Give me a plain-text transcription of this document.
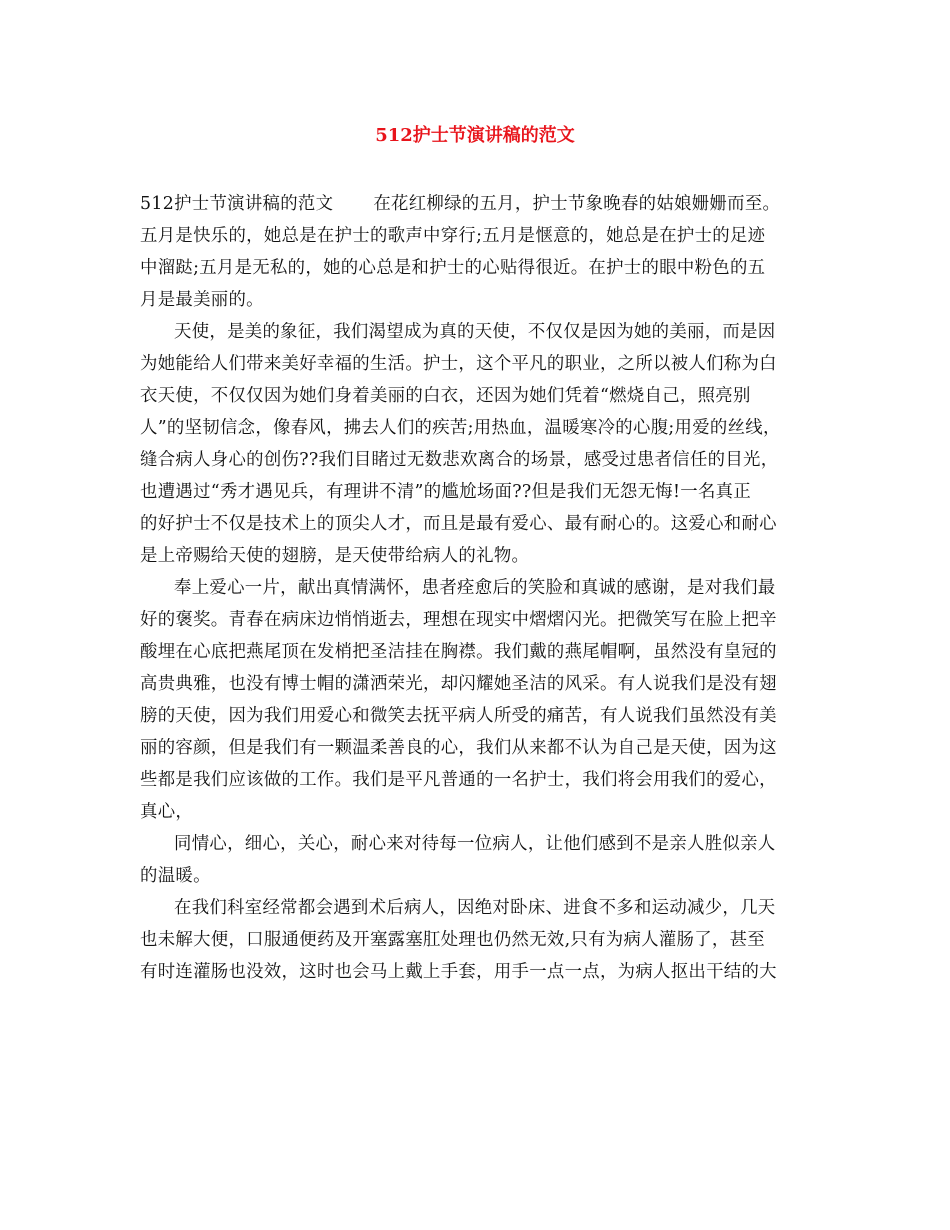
512护士节演讲稿的范文

512护士节演讲稿的范文 在花红柳绿的五月，护士节象晚春的姑娘姗姗而至。
五月是快乐的，她总是在护士的歌声中穿行;五月是惬意的，她总是在护士的足迹
中溜跶;五月是无私的，她的心总是和护士的心贴得很近。在护士的眼中粉色的五
月是最美丽的。

天使，是美的象征，我们渴望成为真的天使，不仅仅是因为她的美丽，而是因
为她能给人们带来美好幸福的生活。护士，这个平凡的职业，之所以被人们称为白
衣天使，不仅仅因为她们身着美丽的白衣，还因为她们凭着“燃烧自己，照亮别
人”的坚韧信念，像春风，拂去人们的疾苦;用热血，温暖寒冷的心腹;用爱的丝线，
缝合病人身心的创伤??我们目睹过无数悲欢离合的场景，感受过患者信任的目光，
也遭遇过“秀才遇见兵，有理讲不清”的尴尬场面??但是我们无怨无悔!一名真正
的好护士不仅是技术上的顶尖人才，而且是最有爱心、最有耐心的。这爱心和耐心
是上帝赐给天使的翅膀，是天使带给病人的礼物。

奉上爱心一片，献出真情满怀，患者痊愈后的笑脸和真诚的感谢，是对我们最
好的褒奖。青春在病床边悄悄逝去，理想在现实中熠熠闪光。把微笑写在脸上把辛
酸埋在心底把燕尾顶在发梢把圣洁挂在胸襟。我们戴的燕尾帽啊，虽然没有皇冠的
高贵典雅，也没有博士帽的潇洒荣光，却闪耀她圣洁的风采。有人说我们是没有翅
膀的天使，因为我们用爱心和微笑去抚平病人所受的痛苦，有人说我们虽然没有美
丽的容颜，但是我们有一颗温柔善良的心，我们从来都不认为自己是天使，因为这
些都是我们应该做的工作。我们是平凡普通的一名护士，我们将会用我们的爱心，
真心，

同情心，细心，关心，耐心来对待每一位病人，让他们感到不是亲人胜似亲人
的温暖。

在我们科室经常都会遇到术后病人，因绝对卧床、进食不多和运动减少，几天
也未解大便，口服通便药及开塞露塞肛处理也仍然无效,只有为病人灌肠了，甚至
有时连灌肠也没效，这时也会马上戴上手套，用手一点一点，为病人抠出干结的大
